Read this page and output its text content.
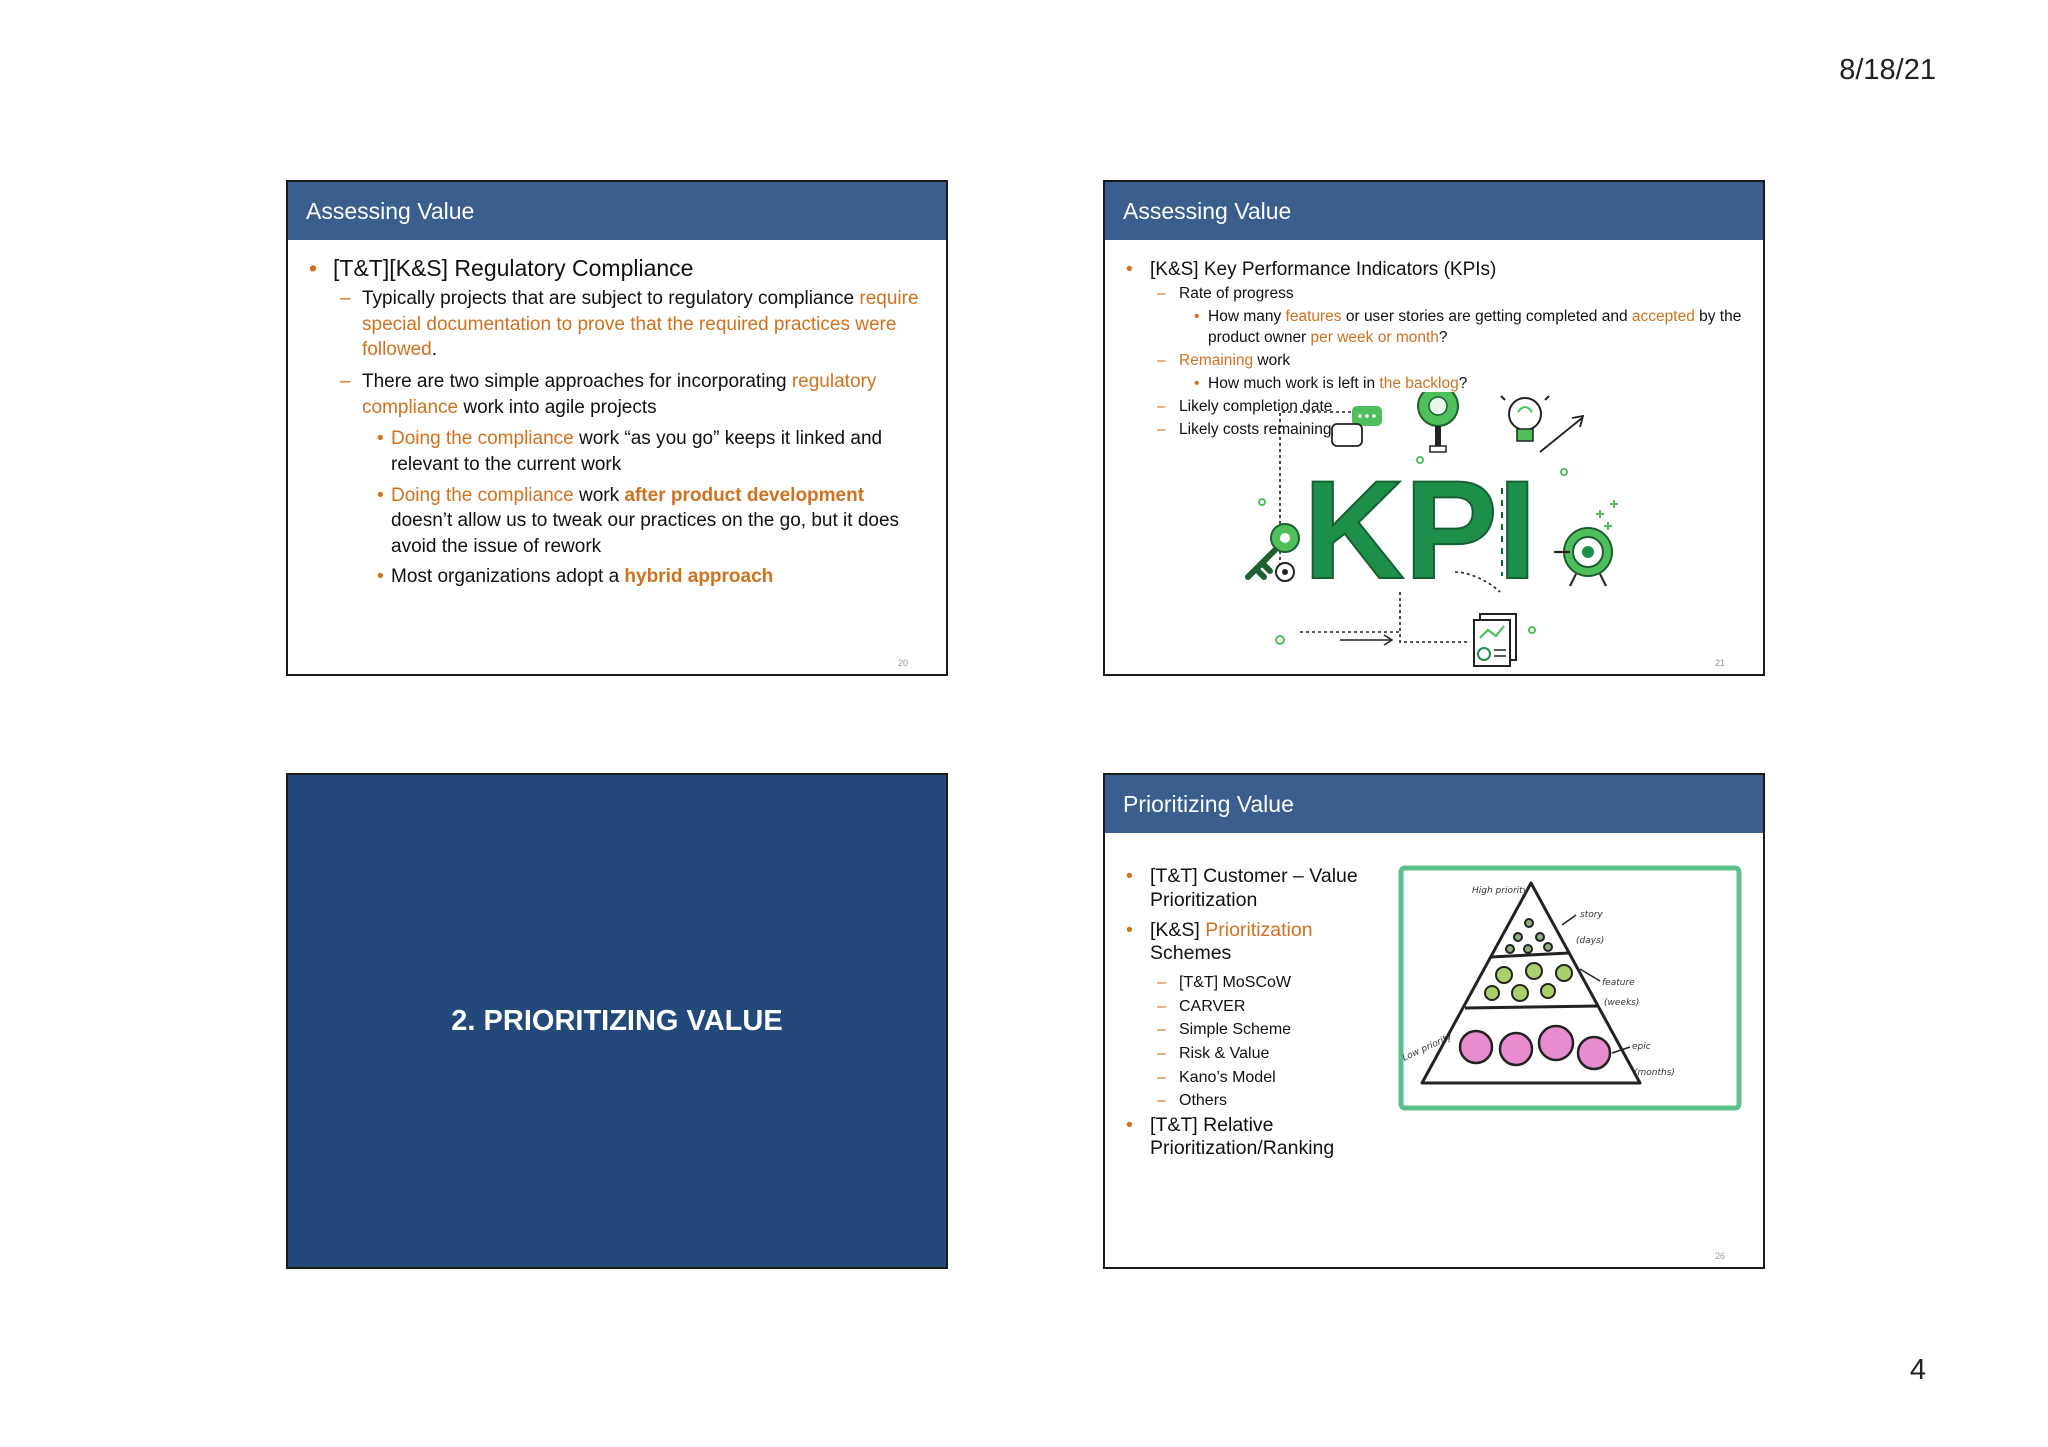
8/18/21
Assessing Value
• [T&T][K&S] Regulatory Compliance
– Typically projects that are subject to regulatory compliance require special documentation to prove that the required practices were followed.
– There are two simple approaches for incorporating regulatory compliance work into agile projects
• Doing the compliance work “as you go” keeps it linked and relevant to the current work
• Doing the compliance work after product development doesn’t allow us to tweak our practices on the go, but it does avoid the issue of rework
• Most organizations adopt a hybrid approach
20
Assessing Value
KPI
• [K&S] Key Performance Indicators (KPIs)
– Rate of progress
• How many features or user stories are getting completed and accepted by the product owner per week or month?
– Remaining work
• How much work is left in the backlog?
– Likely completion date
– Likely costs remaining
21
2. PRIORITIZING VALUE
Prioritizing Value
• [T&T] Customer – Value Prioritization
• [K&S] Prioritization Schemes
– [T&T] MoSCoW
– CARVER
– Simple Scheme
– Risk & Value
– Kano’s Model
– Others
• [T&T] Relative Prioritization/Ranking
High priority
Low priority
story
(days)
feature
(weeks)
epic
(months)
26
4
